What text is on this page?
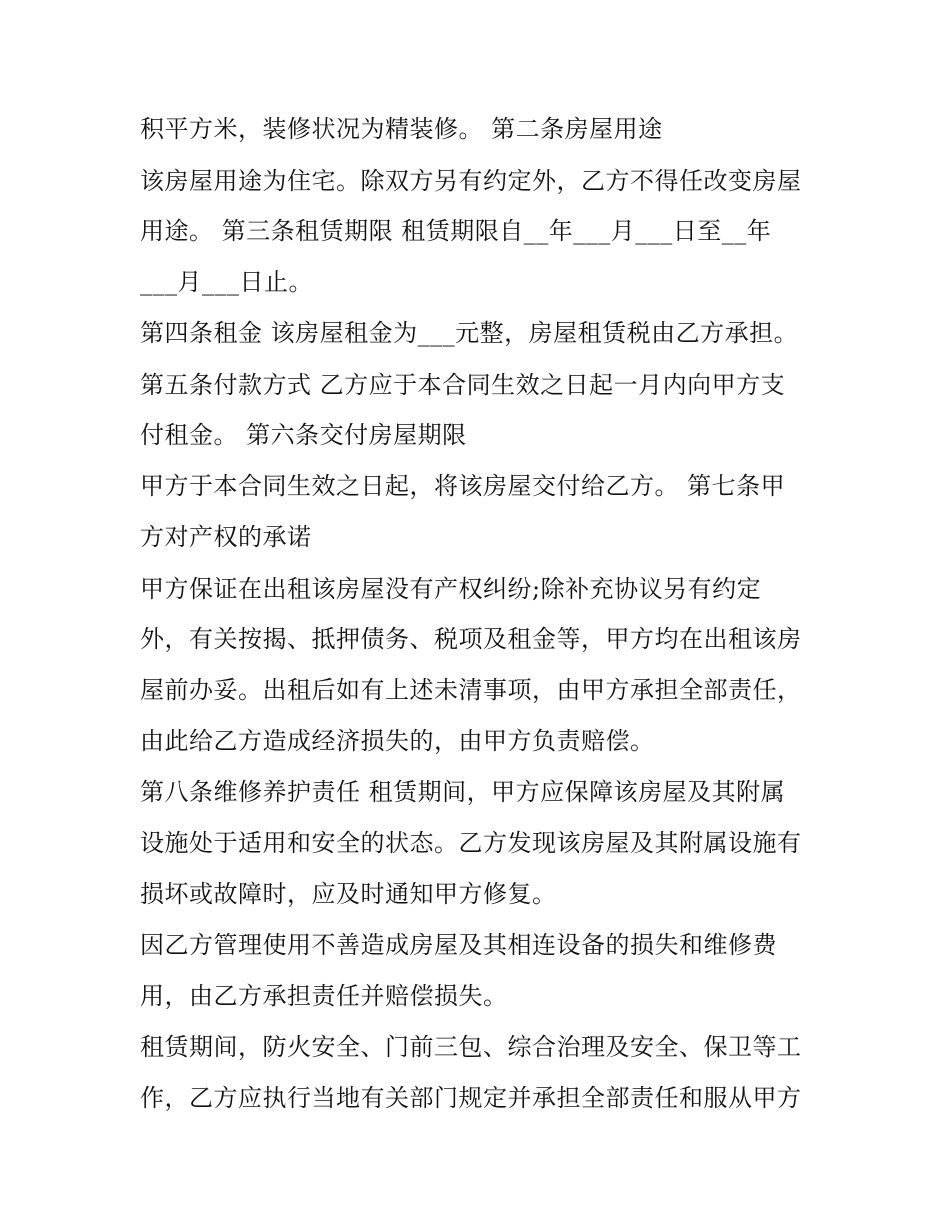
积平方米，装修状况为精装修。 第二条房屋用途
该房屋用途为住宅。除双方另有约定外，乙方不得任改变房屋
用途。 第三条租赁期限 租赁期限自__年___月___日至__年
___月___日止。
第四条租金 该房屋租金为___元整，房屋租赁税由乙方承担。
第五条付款方式 乙方应于本合同生效之日起一月内向甲方支
付租金。 第六条交付房屋期限
甲方于本合同生效之日起，将该房屋交付给乙方。 第七条甲
方对产权的承诺
甲方保证在出租该房屋没有产权纠纷;除补充协议另有约定
外，有关按揭、抵押债务、税项及租金等，甲方均在出租该房
屋前办妥。出租后如有上述未清事项，由甲方承担全部责任，
由此给乙方造成经济损失的，由甲方负责赔偿。
第八条维修养护责任 租赁期间，甲方应保障该房屋及其附属
设施处于适用和安全的状态。乙方发现该房屋及其附属设施有
损坏或故障时，应及时通知甲方修复。
因乙方管理使用不善造成房屋及其相连设备的损失和维修费
用，由乙方承担责任并赔偿损失。
租赁期间，防火安全、门前三包、综合治理及安全、保卫等工
作，乙方应执行当地有关部门规定并承担全部责任和服从甲方
